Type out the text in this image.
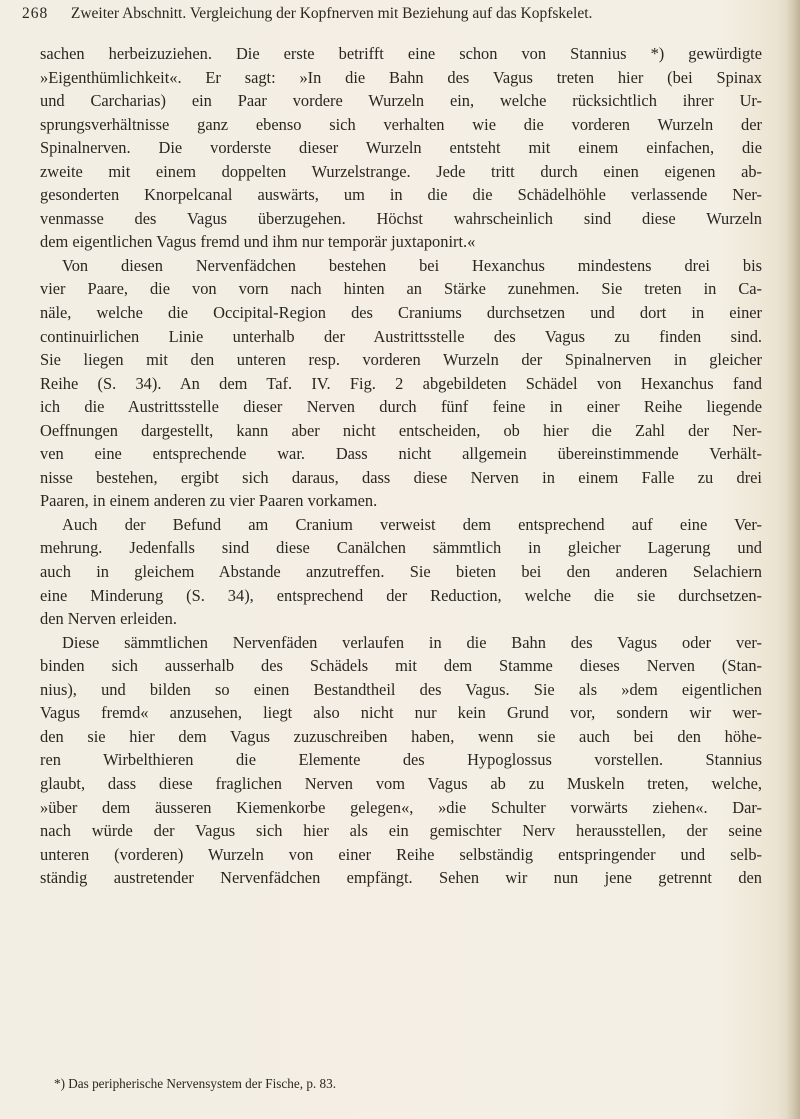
268 Zweiter Abschnitt. Vergleichung der Kopfnerven mit Beziehung auf das Kopfskelet.
sachen herbeizuziehen. Die erste betrifft eine schon von Stannius *) gewürdigte
»Eigenthümlichkeit«. Er sagt: »In die Bahn des Vagus treten hier (bei Spinax
und Carcharias) ein Paar vordere Wurzeln ein, welche rücksichtlich ihrer Ur-
sprungsverhältnisse ganz ebenso sich verhalten wie die vorderen Wurzeln der
Spinalnerven. Die vorderste dieser Wurzeln entsteht mit einem einfachen, die
zweite mit einem doppelten Wurzelstrange. Jede tritt durch einen eigenen ab-
gesonderten Knorpelcanal auswärts, um in die die Schädelhöhle verlassende Ner-
venmasse des Vagus überzugehen. Höchst wahrscheinlich sind diese Wurzeln
dem eigentlichen Vagus fremd und ihm nur temporär juxtaponirt.«
Von diesen Nervenfädchen bestehen bei Hexanchus mindestens drei bis
vier Paare, die von vorn nach hinten an Stärke zunehmen. Sie treten in Ca-
näle, welche die Occipital-Region des Craniums durchsetzen und dort in einer
continuirlichen Linie unterhalb der Austrittsstelle des Vagus zu finden sind.
Sie liegen mit den unteren resp. vorderen Wurzeln der Spinalnerven in gleicher
Reihe (S. 34). An dem Taf. IV. Fig. 2 abgebildeten Schädel von Hexanchus fand
ich die Austrittsstelle dieser Nerven durch fünf feine in einer Reihe liegende
Oeffnungen dargestellt, kann aber nicht entscheiden, ob hier die Zahl der Ner-
ven eine entsprechende war. Dass nicht allgemein übereinstimmende Verhält-
nisse bestehen, ergibt sich daraus, dass diese Nerven in einem Falle zu drei
Paaren, in einem anderen zu vier Paaren vorkamen.
Auch der Befund am Cranium verweist dem entsprechend auf eine Ver-
mehrung. Jedenfalls sind diese Canälchen sämmtlich in gleicher Lagerung und
auch in gleichem Abstande anzutreffen. Sie bieten bei den anderen Selachiern
eine Minderung (S. 34), entsprechend der Reduction, welche die sie durchsetzen-
den Nerven erleiden.
Diese sämmtlichen Nervenfäden verlaufen in die Bahn des Vagus oder ver-
binden sich ausserhalb des Schädels mit dem Stamme dieses Nerven (Stan-
nius), und bilden so einen Bestandtheil des Vagus. Sie als »dem eigentlichen
Vagus fremd« anzusehen, liegt also nicht nur kein Grund vor, sondern wir wer-
den sie hier dem Vagus zuzuschreiben haben, wenn sie auch bei den höhe-
ren Wirbelthieren die Elemente des Hypoglossus vorstellen. Stannius
glaubt, dass diese fraglichen Nerven vom Vagus ab zu Muskeln treten, welche,
»über dem äusseren Kiemenkorbe gelegen«, »die Schulter vorwärts ziehen«. Dar-
nach würde der Vagus sich hier als ein gemischter Nerv herausstellen, der seine
unteren (vorderen) Wurzeln von einer Reihe selbständig entspringender und selb-
ständig austretender Nervenfädchen empfängt. Sehen wir nun jene getrennt den
*) Das peripherische Nervensystem der Fische, p. 83.
